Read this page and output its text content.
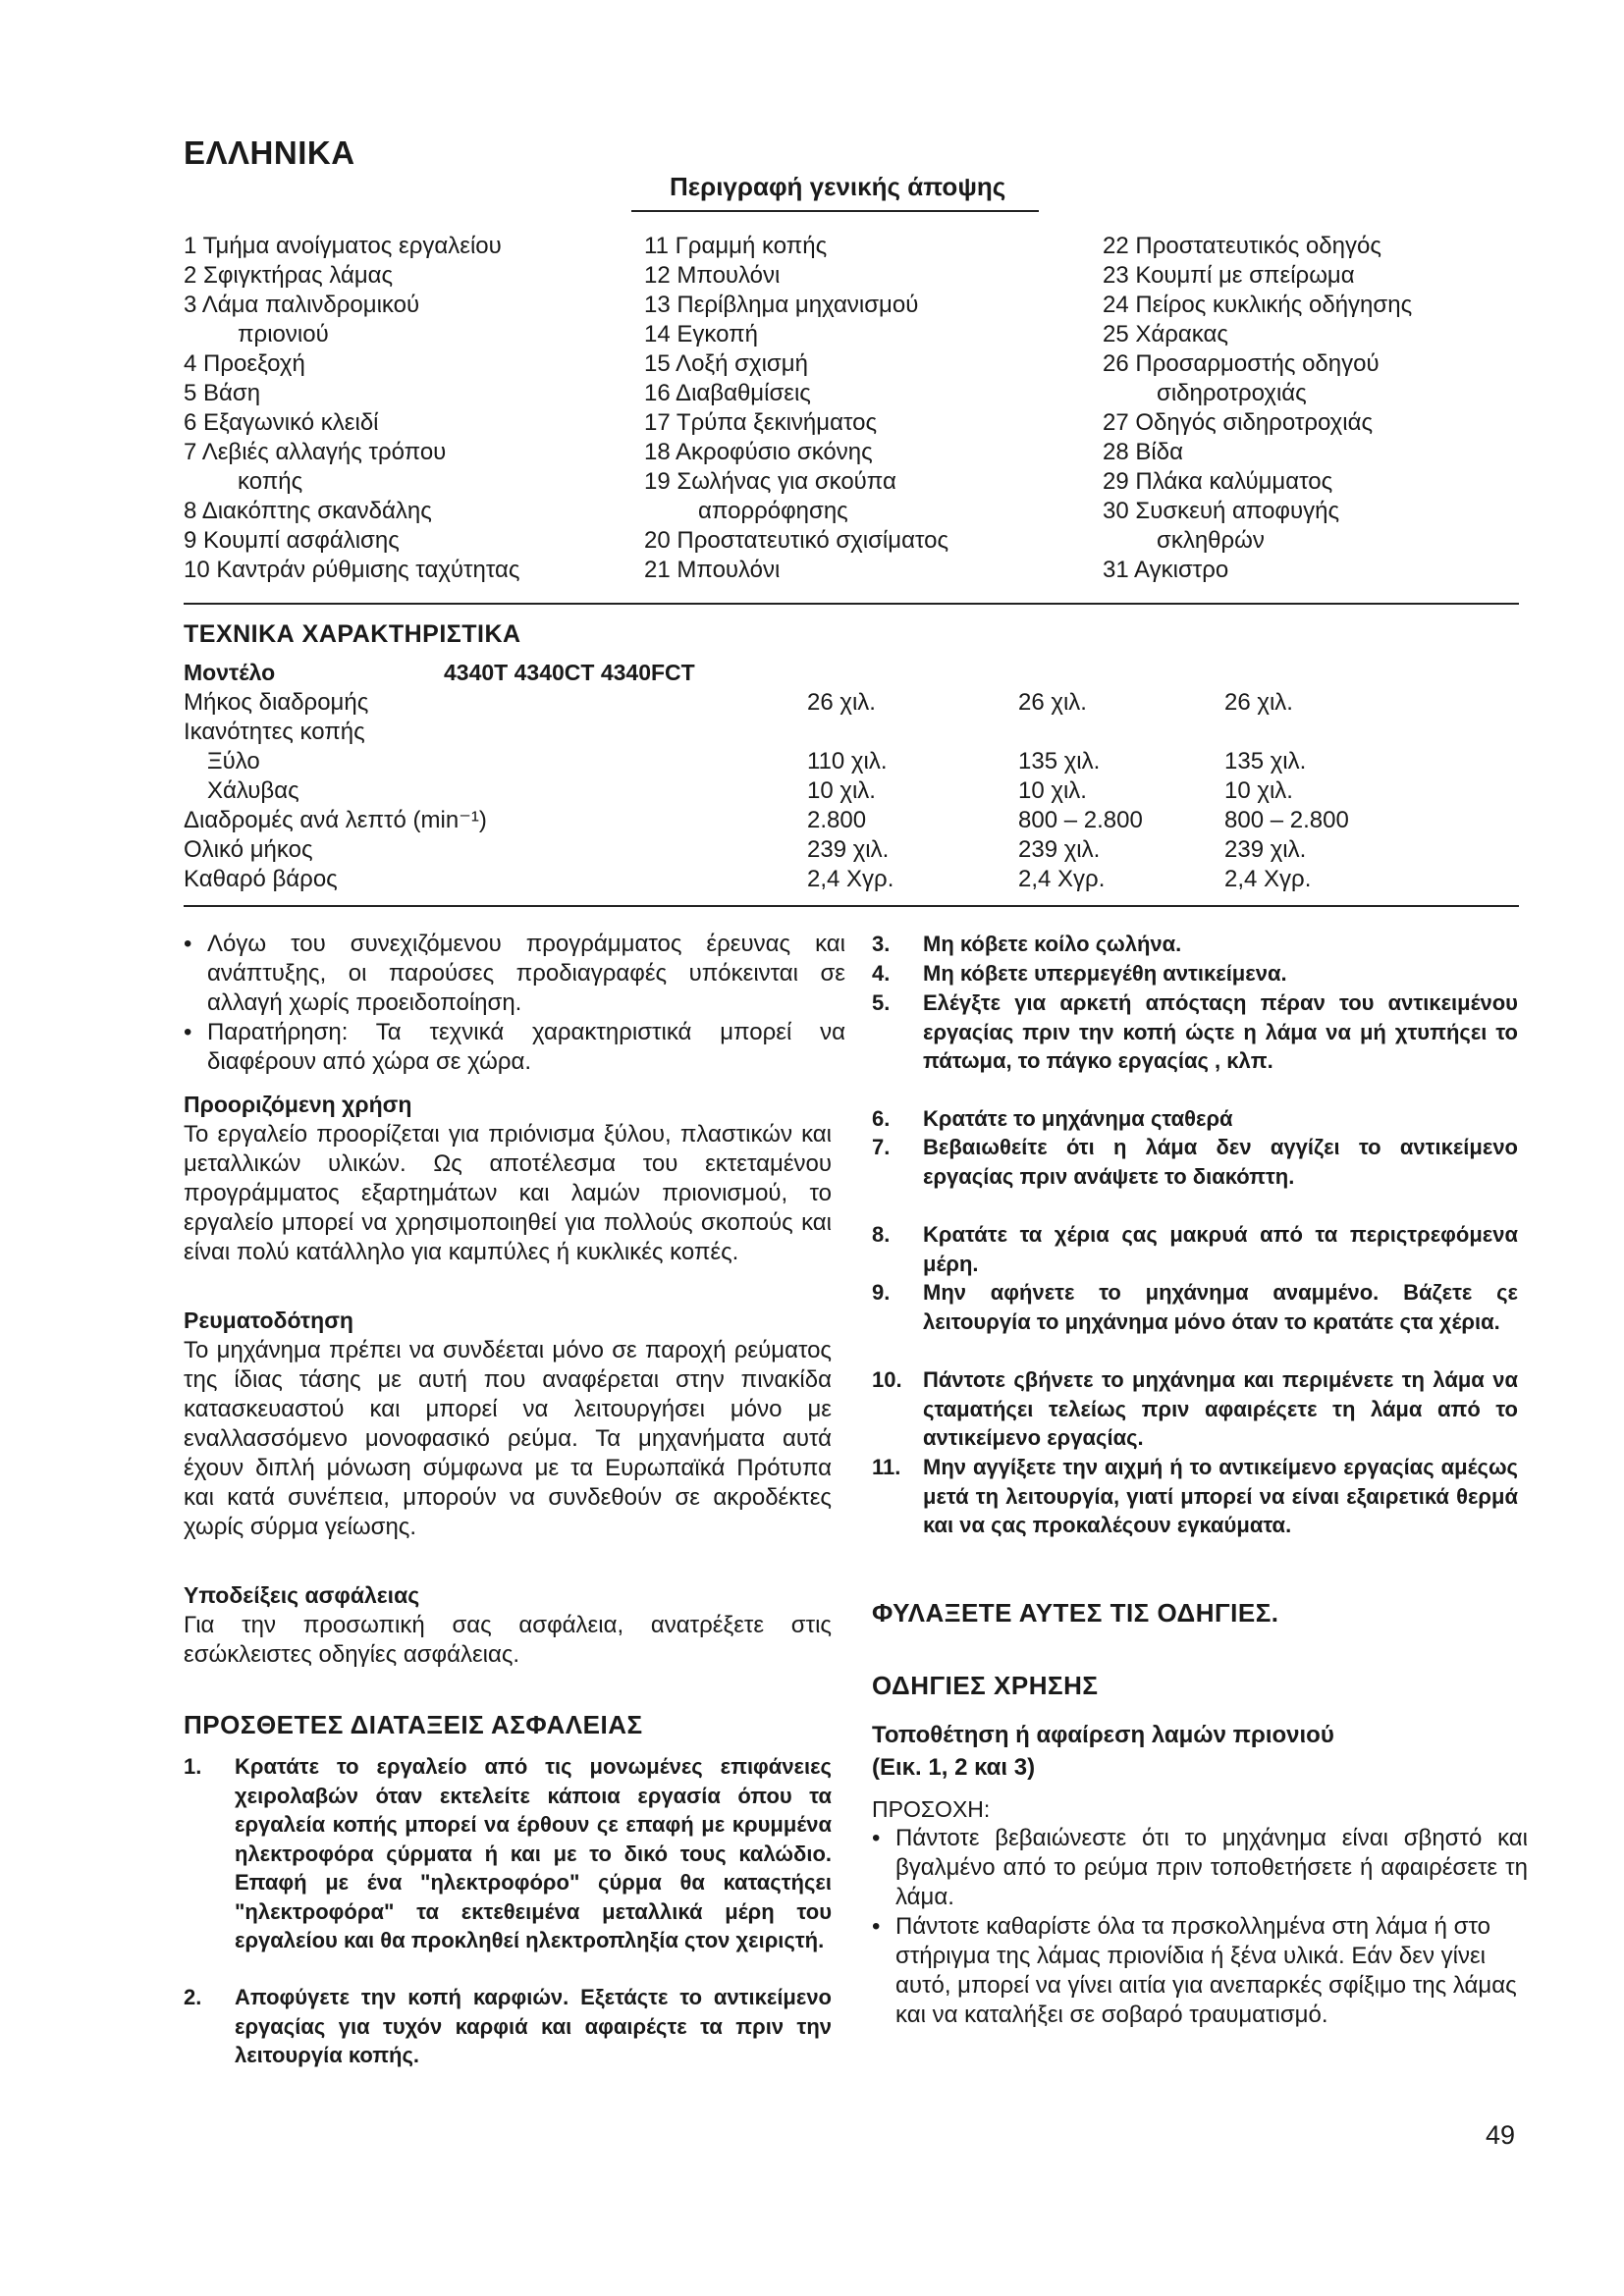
ΕΛΛΗΝΙΚΑ
Περιγραφή γενικής άποψης
1 Τμήμα ανοίγματος εργαλείου
2 Σφιγκτήρας λάμας
3 Λάμα παλινδρομικού
πριονιού
4 Προεξοχή
5 Βάση
6 Εξαγωνικό κλειδί
7 Λεβιές αλλαγής τρόπου
κοπής
8 Διακόπτης σκανδάλης
9 Κουμπί ασφάλισης
10 Καντράν ρύθμισης ταχύτητας
11 Γραμμή κοπής
12 Μπουλόνι
13 Περίβλημα μηχανισμού
14 Εγκοπή
15 Λοξή σχισμή
16 Διαβαθμίσεις
17 Τρύπα ξεκινήματος
18 Ακροφύσιο σκόνης
19 Σωλήνας για σκούπα
απορρόφησης
20 Προστατευτικό σχισίματος
21 Μπουλόνι
22 Προστατευτικός οδηγός
23 Κουμπί με σπείρωμα
24 Πείρος κυκλικής οδήγησης
25 Χάρακας
26 Προσαρμοστής οδηγού
σιδηροτροχιάς
27 Οδηγός σιδηροτροχιάς
28 Βίδα
29 Πλάκα καλύμματος
30 Συσκευή αποφυγής
σκληθρών
31 Αγκιστρο
ΤΕΧΝΙΚΑ ΧΑΡΑΚΤΗΡΙΣΤΙΚΑ
Μοντέλο	4340T 4340CT 4340FCT
Μήκος διαδρομής .....	26 χιλ.	26 χιλ.	26 χιλ.
Ικανότητες κοπής
Ξύλο .....	110 χιλ.	135 χιλ.	135 χιλ.
Χάλυβας .....	10 χιλ.	10 χιλ.	10 χιλ.
Διαδρομές ανά λεπτό (min⁻¹) .....	2.800	800 – 2.800	800 – 2.800
Ολικό μήκος .....	239 χιλ.	239 χιλ.	239 χιλ.
Καθαρό βάρος .....	2,4 Χγρ.	2,4 Χγρ.	2,4 Χγρ.
• Λόγω του συνεχιζόμενου προγράμματος έρευνας και ανάπτυξης, οι παρούσες προδιαγραφές υπόκεινται σε αλλαγή χωρίς προειδοποίηση.
• Παρατήρηση: Τα τεχνικά χαρακτηριστικά μπορεί να διαφέρουν από χώρα σε χώρα.
Προοριζόμενη χρήση
Το εργαλείο προορίζεται για πριόνισμα ξύλου, πλαστικών και μεταλλικών υλικών. Ως αποτέλεσμα του εκτεταμένου προγράμματος εξαρτημάτων και λαμών πριονισμού, το εργαλείο μπορεί να χρησιμοποιηθεί για πολλούς σκοπούς και είναι πολύ κατάλληλο για καμπύλες ή κυκλικές κοπές.
Ρευματοδότηση
Το μηχάνημα πρέπει να συνδέεται μόνο σε παροχή ρεύματος της ίδιας τάσης με αυτή που αναφέρεται στην πινακίδα κατασκευαστού και μπορεί να λειτουργήσει μόνο με εναλλασσόμενο μονοφασικό ρεύμα. Τα μηχανήματα αυτά έχουν διπλή μόνωση σύμφωνα με τα Ευρωπαϊκά Πρότυπα και κατά συνέπεια, μπορούν να συνδεθούν σε ακροδέκτες χωρίς σύρμα γείωσης.
Υποδείξεις ασφάλειας
Για την προσωπική σας ασφάλεια, ανατρέξετε στις εσώκλειστες οδηγίες ασφάλειας.
ΠΡΟΣΘΕΤΕΣ ΔΙΑΤΑΞΕΙΣ ΑΣΦΑΛΕΙΑΣ
1. Κρατάτε το εργαλείο από τις μονωμένες επιφάνειες χειρολαβών όταν εκτελείτε κάποια εργασία όπου τα εργαλεία κοπής μπορεί να έρθουν ςε επαφή με κρυμμένα ηλεκτροφόρα ςύρματα ή και με το δικό τους καλώδιο. Επαφή με ένα "ηλεκτροφόρο" ςύρμα θα καταςτήςει "ηλεκτροφόρα" τα εκτεθειμένα μεταλλικά μέρη του εργαλείου και θα προκληθεί ηλεκτροπληξία ςτον χειριςτή.
2. Αποφύγετε την κοπή καρφιών. Εξετάςτε το αντικείμενο εργαςίας για τυχόν καρφιά και αφαιρέςτε τα πριν την λειτουργία κοπής.
3. Μη κόβετε κοίλο ςωλήνα.
4. Μη κόβετε υπερμεγέθη αντικείμενα.
5. Ελέγξτε για αρκετή απόςταςη πέραν του αντικειμένου εργαςίας πριν την κοπή ώςτε η λάμα να μή χτυπήςει το πάτωμα, το πάγκο εργαςίας , κλπ.
6. Κρατάτε το μηχάνημα ςταθερά
7. Βεβαιωθείτε ότι η λάμα δεν αγγίζει το αντικείμενο εργαςίας πριν ανάψετε το διακόπτη.
8. Κρατάτε τα χέρια ςας μακρυά από τα περιςτρεφόμενα μέρη.
9. Μην αφήνετε το μηχάνημα αναμμένο. Βάζετε ςε λειτουργία το μηχάνημα μόνο όταν το κρατάτε ςτα χέρια.
10. Πάντοτε ςβήνετε το μηχάνημα και περιμένετε τη λάμα να ςταματήςει τελείως πριν αφαιρέςετε τη λάμα από το αντικείμενο εργαςίας.
11. Μην αγγίξετε την αιχμή ή το αντικείμενο εργαςίας αμέςως μετά τη λειτουργία, γιατί μπορεί να είναι εξαιρετικά θερμά και να ςας προκαλέςουν εγκαύματα.
ΦΥΛΑΞΕΤΕ ΑΥΤΕΣ ΤΙΣ ΟΔΗΓΙΕΣ.
ΟΔΗΓΙΕΣ ΧΡΗΣΗΣ
Τοποθέτηση ή αφαίρεση λαμών πριονιού
(Εικ. 1, 2 και 3)
ΠΡΟΣΟΧΗ:
• Πάντοτε βεβαιώνεστε ότι το μηχάνημα είναι σβηστό και βγαλμένο από το ρεύμα πριν τοποθετήσετε ή αφαιρέσετε τη λάμα.
• Πάντοτε καθαρίστε όλα τα πρσκολλημένα στη λάμα ή στο στήριγμα της λάμας πριονίδια ή ξένα υλικά. Εάν δεν γίνει αυτό, μπορεί να γίνει αιτία για ανεπαρκές σφίξιμο της λάμας και να καταλήξει σε σοβαρό τραυματισμό.
49
